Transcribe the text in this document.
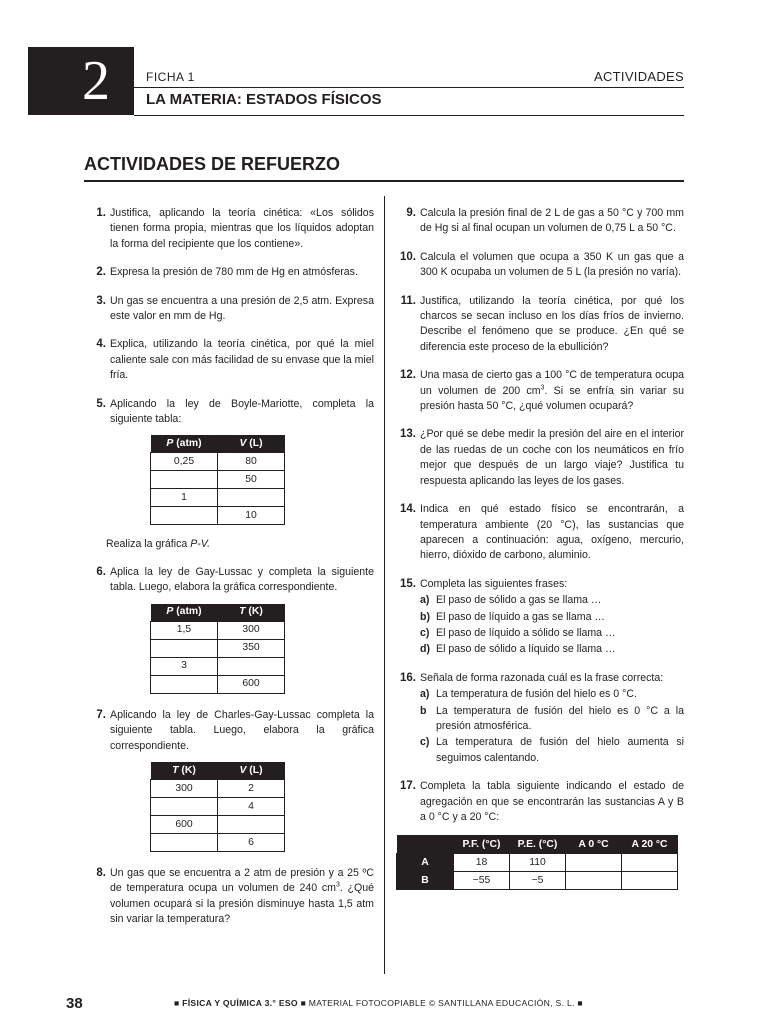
2	FICHA 1	ACTIVIDADES
LA MATERIA: ESTADOS FÍSICOS
ACTIVIDADES DE REFUERZO
1. Justifica, aplicando la teoría cinética: «Los sólidos tienen forma propia, mientras que los líquidos adoptan la forma del recipiente que los contiene».
2. Expresa la presión de 780 mm de Hg en atmósferas.
3. Un gas se encuentra a una presión de 2,5 atm. Expresa este valor en mm de Hg.
4. Explica, utilizando la teoría cinética, por qué la miel caliente sale con más facilidad de su envase que la miel fría.
5. Aplicando la ley de Boyle-Mariotte, completa la siguiente tabla:
P (atm)	V (L)
0,25	80
	50
1	
	10
Realiza la gráfica P-V.
6. Aplica la ley de Gay-Lussac y completa la siguiente tabla. Luego, elabora la gráfica correspondiente.
P (atm)	T (K)
1,5	300
	350
3	
	600
7. Aplicando la ley de Charles-Gay-Lussac completa la siguiente tabla. Luego, elabora la gráfica correspondiente.
T (K)	V (L)
300	2
	4
600	
	6
8. Un gas que se encuentra a 2 atm de presión y a 25 ºC de temperatura ocupa un volumen de 240 $cm^3$. ¿Qué volumen ocupará si la presión disminuye hasta 1,5 atm sin variar la temperatura?
9. Calcula la presión final de 2 L de gas a 50 °C y 700 mm de Hg si al final ocupan un volumen de 0,75 L a 50 °C.
10. Calcula el volumen que ocupa a 350 K un gas que a 300 K ocupaba un volumen de 5 L (la presión no varía).
11. Justifica, utilizando la teoría cinética, por qué los charcos se secan incluso en los días fríos de invierno. Describe el fenómeno que se produce. ¿En qué se diferencia este proceso de la ebullición?
12. Una masa de cierto gas a 100 °C de temperatura ocupa un volumen de 200 $cm^3$. Si se enfría sin variar su presión hasta 50 °C, ¿qué volumen ocupará?
13. ¿Por qué se debe medir la presión del aire en el interior de las ruedas de un coche con los neumáticos en frío mejor que después de un largo viaje? Justifica tu respuesta aplicando las leyes de los gases.
14. Indica en qué estado físico se encontrarán, a temperatura ambiente (20 °C), las sustancias que aparecen a continuación: agua, oxígeno, mercurio, hierro, dióxido de carbono, aluminio.
15. Completa las siguientes frases:
a) El paso de sólido a gas se llama …
b) El paso de líquido a gas se llama …
c) El paso de líquido a sólido se llama …
d) El paso de sólido a líquido se llama …
16. Señala de forma razonada cuál es la frase correcta:
a) La temperatura de fusión del hielo es 0 °C.
b La temperatura de fusión del hielo es 0 °C a la presión atmosférica.
c) La temperatura de fusión del hielo aumenta si seguimos calentando.
17. Completa la tabla siguiente indicando el estado de agregación en que se encontrarán las sustancias A y B a 0 °C y a 20 °C:
	P.F. (°C)	P.E. (°C)	A 0 °C	A 20 °C
A	18	110		
B	−55	−5		
38	■ FÍSICA Y QUÍMICA 3.° ESO ■ MATERIAL FOTOCOPIABLE © SANTILLANA EDUCACIÓN, S. L. ■
